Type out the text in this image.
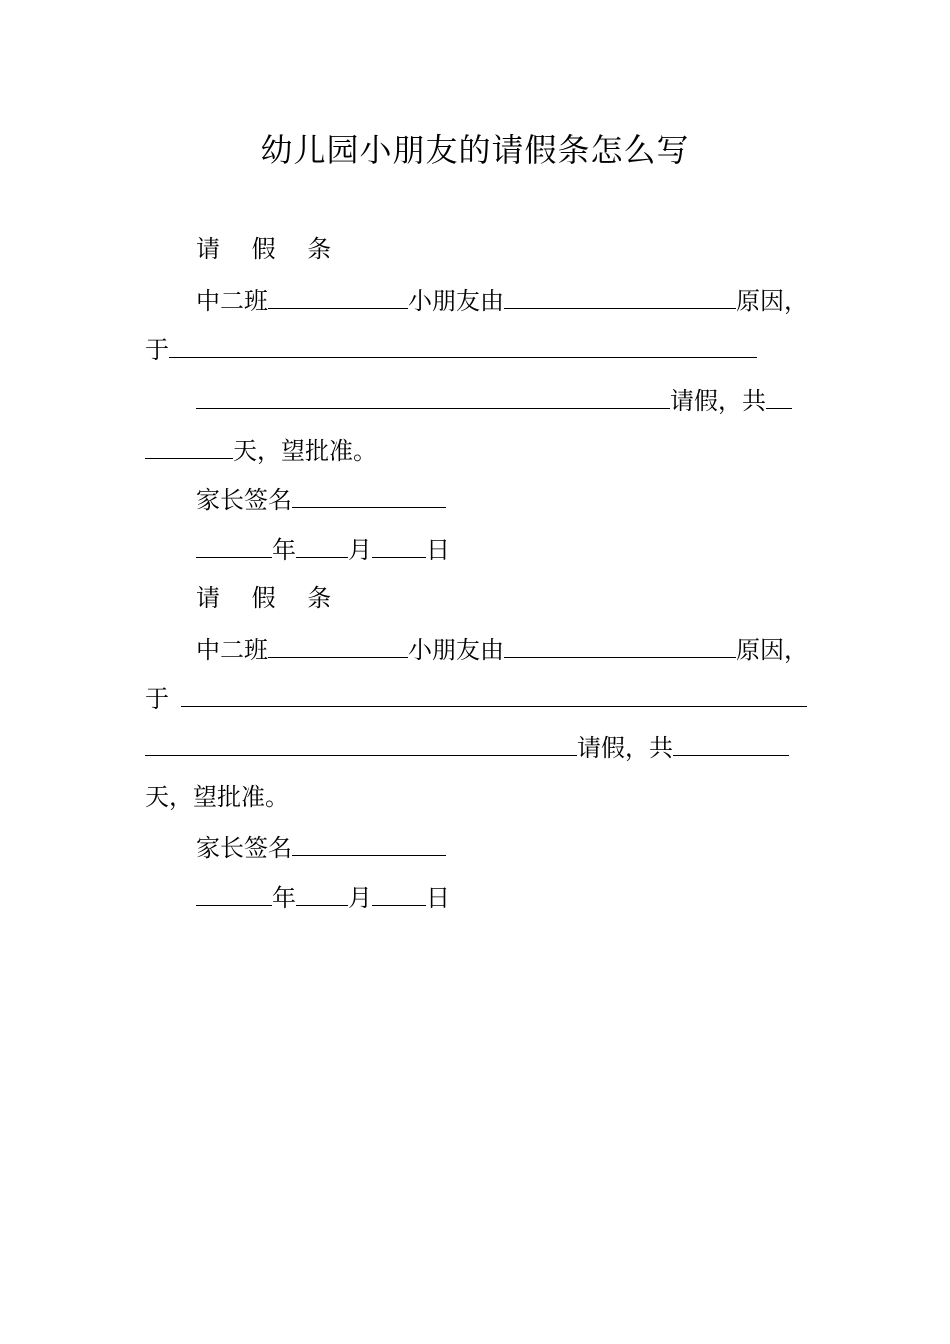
幼儿园小朋友的请假条怎么写
请 假 条
中二班	小朋友由	原因，
于
请假，共
天，望批准。
家长签名
年 月 日
请 假 条
中二班	小朋友由	原因，
于
请假，共
天，望批准。
家长签名
年 月 日
